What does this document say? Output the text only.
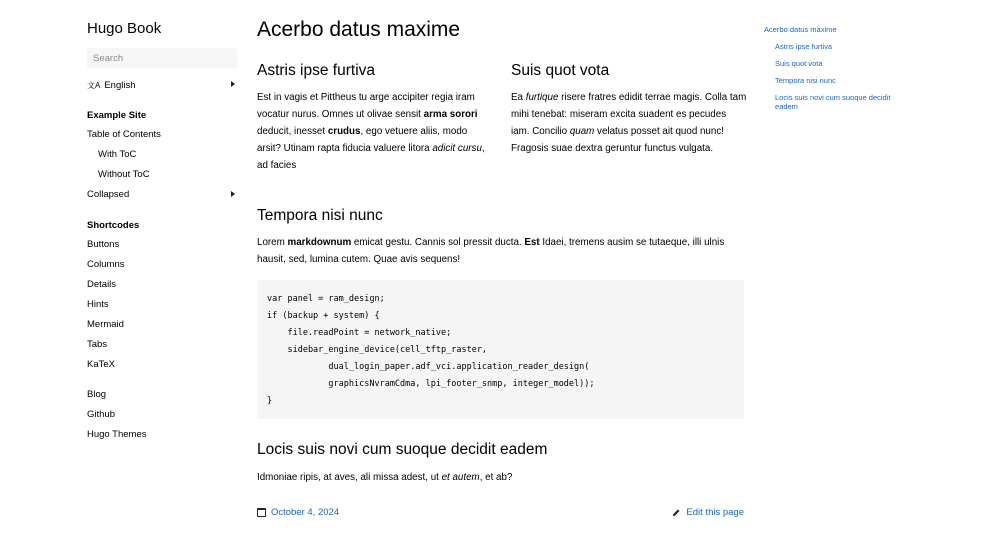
Hugo Book
Search
文A English
Example Site
Table of Contents
With ToC
Without ToC
Collapsed
Shortcodes
Buttons
Columns
Details
Hints
Mermaid
Tabs
KaTeX
Blog
Github
Hugo Themes
Acerbo datus maxime
Astris ipse furtiva

Est in vagis et Pittheus tu arge accipiter regia iram vocatur nurus. Omnes ut olivae sensit arma sorori deducit, inesset crudus, ego vetuere aliis, modo arsit? Utinam rapta fiducia valuere litora adicit cursu, ad facies

Suis quot vota

Ea furtique risere fratres edidit terrae magis. Colla tam mihi tenebat: miseram excita suadent es pecudes iam. Concilio quam velatus posset ait quod nunc! Fragosis suae dextra geruntur functus vulgata.

Tempora nisi nunc

Lorem markdownum emicat gestu. Cannis sol pressit ducta. Est Idaei, tremens ausim se tutaeque, illi ulnis hausit, sed, lumina cutem. Quae avis sequens!

var panel = ram_design;
if (backup + system) {
file.readPoint = network_native;
sidebar_engine_device(cell_tftp_raster,
dual_login_paper.adf_vci.application_reader_design(
graphicsNvramCdma, lpi_footer_snmp, integer_model));
}
Locis suis novi cum suoque decidit eadem

Idmoniae ripis, at aves, ali missa adest, ut et autem, et ab?

October 4, 2024	Edit this page
Acerbo datus maxime
Astris ipse furtiva
Suis quot vota
Tempora nisi nunc
Locis suis novi cum suoque decidit eadem
